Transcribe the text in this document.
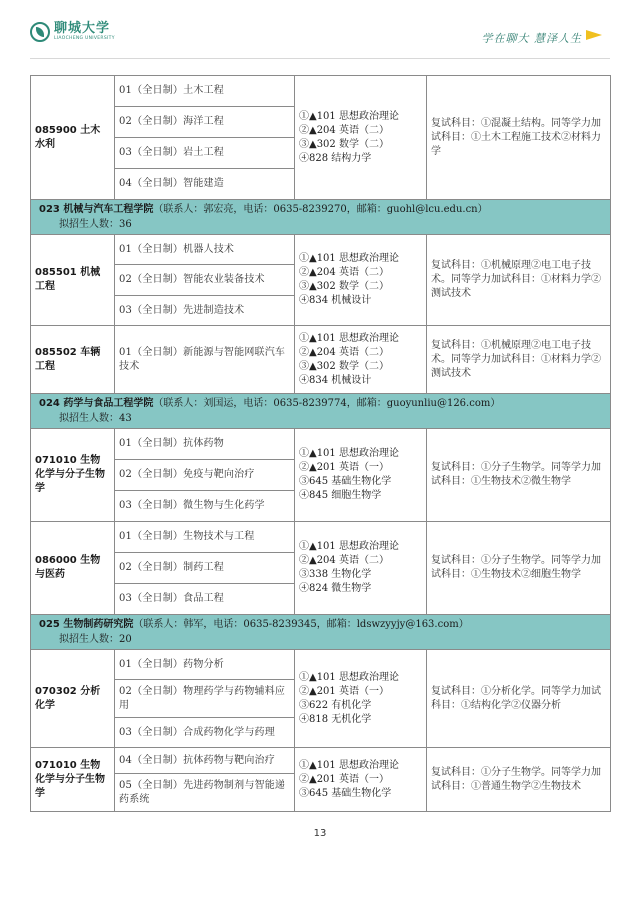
聊城大学
LIAOCHENG UNIVERSITY	学在聊大 慧泽人生
085900 土木水利	01（全日制）土木工程	①▲101 思想政治理论
②▲204 英语（二）
③▲302 数学（二）
④828 结构力学	复试科目：①混凝土结构。同等学力加试科目：①土木工程施工技术②材料力学
	02（全日制）海洋工程		
	03（全日制）岩土工程		
	04（全日制）智能建造		

023 机械与汽车工程学院（联系人：郭宏亮，电话：0635-8239270，邮箱：guohl@lcu.edu.cn）
拟招生人数：36			

085501 机械工程	01（全日制）机器人技术	①▲101 思想政治理论
②▲204 英语（二）
③▲302 数学（二）
④834 机械设计	复试科目：①机械原理②电工电子技术。同等学力加试科目：①材料力学②测试技术
	02（全日制）智能农业装备技术		
	03（全日制）先进制造技术		
085502 车辆工程	01（全日制）新能源与智能网联汽车技术	①▲101 思想政治理论
②▲204 英语（二）
③▲302 数学（二）
④834 机械设计	复试科目：①机械原理②电工电子技术。同等学力加试科目：①材料力学②测试技术

024 药学与食品工程学院（联系人：刘国运，电话：0635-8239774，邮箱：guoyunliu@126.com）
拟招生人数：43			

071010 生物化学与分子生物学	01（全日制）抗体药物	①▲101 思想政治理论
②▲201 英语（一）
③645 基础生物化学
④845 细胞生物学	复试科目：①分子生物学。同等学力加试科目：①生物技术②微生物学
	02（全日制）免疫与靶向治疗		
	03（全日制）微生物与生化药学		
086000 生物与医药	01（全日制）生物技术与工程	①▲101 思想政治理论
②▲204 英语（二）
③338 生物化学
④824 微生物学	复试科目：①分子生物学。同等学力加试科目：①生物技术②细胞生物学
	02（全日制）制药工程		
	03（全日制）食品工程		

025 生物制药研究院（联系人：韩军，电话：0635-8239345，邮箱：ldswzyyjy@163.com）
拟招生人数：20			

070302 分析化学	01（全日制）药物分析	①▲101 思想政治理论
②▲201 英语（一）
③622 有机化学
④818 无机化学	复试科目：①分析化学。同等学力加试科目：①结构化学②仪器分析
	02（全日制）物理药学与药物辅料应用		
	03（全日制）合成药物化学与药理		
071010 生物化学与分子生物学	04（全日制）抗体药物与靶向治疗	①▲101 思想政治理论
②▲201 英语（一）
③645 基础生物化学	复试科目：①分子生物学。同等学力加试科目：①普通生物学②生物技术
	05（全日制）先进药物制剂与智能递药系统		
13
